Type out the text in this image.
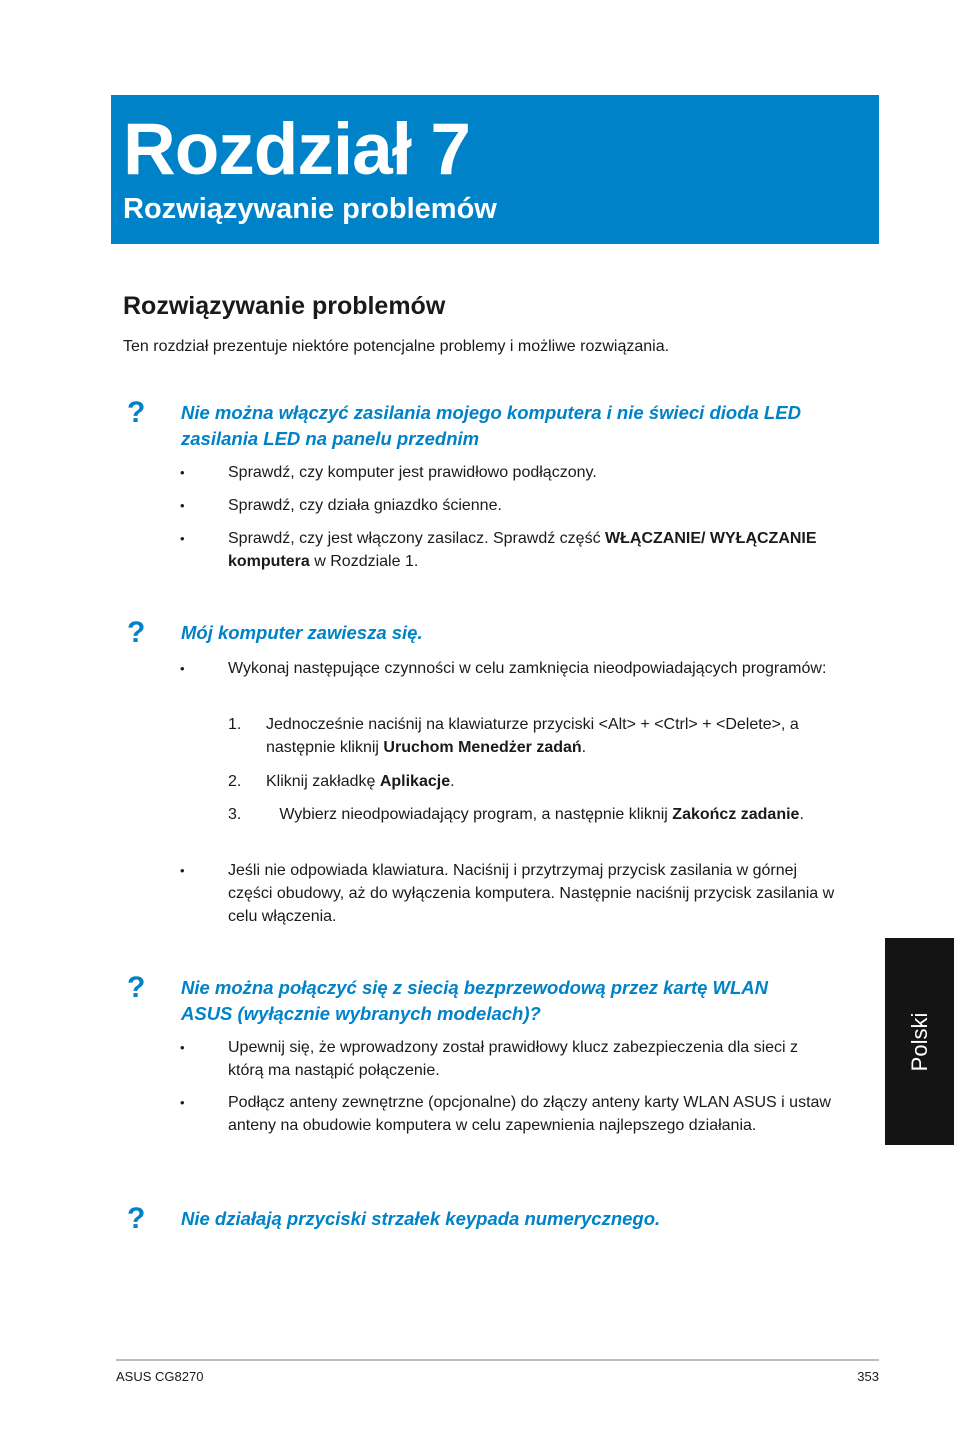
Rozdział 7
Rozwiązywanie problemów
Rozwiązywanie problemów

Ten rozdział prezentuje niektóre potencjalne problemy i możliwe rozwiązania.

? Nie można włączyć zasilania mojego komputera i nie świeci dioda LED zasilania LED na panelu przednim

•	Sprawdź, czy komputer jest prawidłowo podłączony.

•	Sprawdź, czy działa gniazdko ścienne.

•	Sprawdź, czy jest włączony zasilacz. Sprawdź część WŁĄCZANIE/ WYŁĄCZANIE komputera w Rozdziale 1.

? Mój komputer zawiesza się.

•	Wykonaj następujące czynności w celu zamknięcia nieodpowiadających programów:

1. Jednocześnie naciśnij na klawiaturze przyciski <Alt> + <Ctrl> + <Delete>, a następnie kliknij Uruchom Menedżer zadań.

2. Kliknij zakładkę Aplikacje.

3. Wybierz nieodpowiadający program, a następnie kliknij Zakończ zadanie.

•	Jeśli nie odpowiada klawiatura. Naciśnij i przytrzymaj przycisk zasilania w górnej części obudowy, aż do wyłączenia komputera. Następnie naciśnij przycisk zasilania w celu włączenia.

? Nie można połączyć się z siecią bezprzewodową przez kartę WLAN ASUS (wyłącznie wybranych modelach)?

•	Upewnij się, że wprowadzony został prawidłowy klucz zabezpieczenia dla sieci z którą ma nastąpić połączenie.

•	Podłącz anteny zewnętrzne (opcjonalne) do złączy anteny karty WLAN ASUS i ustaw anteny na obudowie komputera w celu zapewnienia najlepszego działania.

? Nie działają przyciski strzałek keypada numerycznego.

Polski
ASUS CG8270	353
